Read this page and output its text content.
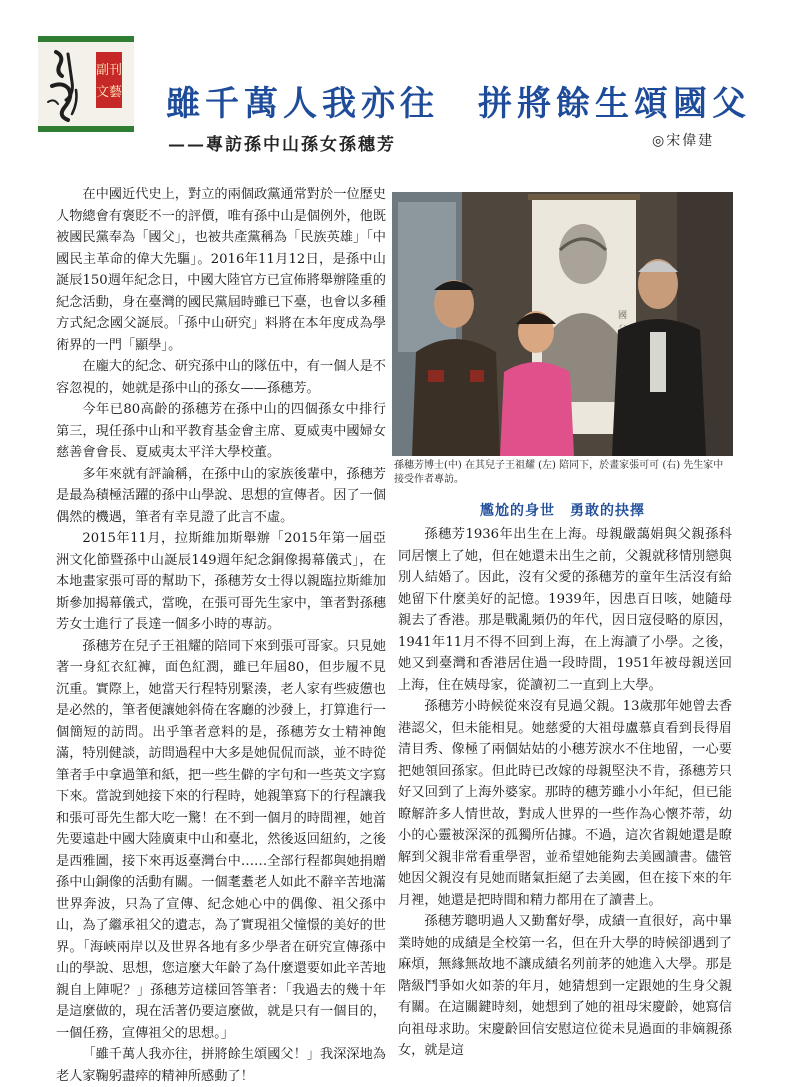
副刊
文藝 雖千萬人我亦往　拼將餘生頌國父
——專訪孫中山孫女孫穗芳	◎宋偉建

在中國近代史上，對立的兩個政黨通常對於一位歷史人物總會有褒貶不一的評價，唯有孫中山是個例外，他既被國民黨奉為「國父」，也被共產黨稱為「民族英雄」「中國民主革命的偉大先驅」。2016年11月12日，是孫中山誕辰150週年紀念日，中國大陸官方已宣佈將舉辦隆重的紀念活動，身在臺灣的國民黨屆時雖已下臺，也會以多種方式紀念國父誕辰。「孫中山研究」料將在本年度成為學術界的一門「顯學」。

在龐大的紀念、研究孫中山的隊伍中，有一個人是不容忽視的，她就是孫中山的孫女——孫穗芳。

今年已80高齡的孫穗芳在孫中山的四個孫女中排行第三，現任孫中山和平教育基金會主席、夏威夷中國婦女慈善會會長、夏威夷太平洋大學校董。

多年來就有評論稱，在孫中山的家族後輩中，孫穗芳是最為積極活躍的孫中山學說、思想的宣傳者。因了一個偶然的機遇，筆者有幸見證了此言不虛。

2015年11月，拉斯維加斯舉辦「2015年第一屆亞洲文化節暨孫中山誕辰149週年紀念銅像揭幕儀式」，在本地畫家張可哥的幫助下，孫穗芳女士得以親臨拉斯維加斯參加揭幕儀式，當晚，在張可哥先生家中，筆者對孫穗芳女士進行了長達一個多小時的專訪。

孫穗芳在兒子王祖耀的陪同下來到張可哥家。只見她著一身紅衣紅褲，面色紅潤，雖已年屆80，但步履不見沉重。實際上，她當天行程特別緊湊，老人家有些疲憊也是必然的，筆者便讓她斜倚在客廳的沙發上，打算進行一個簡短的訪問。出乎筆者意料的是，孫穗芳女士精神飽滿，特別健談，訪問過程中大多是她侃侃而談，並不時從筆者手中拿過筆和紙，把一些生僻的字句和一些英文字寫下來。當說到她接下來的行程時，她親筆寫下的行程讓我和張可哥先生都大吃一驚！在不到一個月的時間裡，她首先要遠赴中國大陸廣東中山和臺北，然後返回紐約，之後是西雅圖，接下來再返臺灣台中……全部行程都與她捐贈孫中山銅像的活動有關。一個耄耋老人如此不辭辛苦地滿世界奔波，只為了宣傳、紀念她心中的偶像、祖父孫中山，為了繼承祖父的遺志，為了實現祖父憧憬的美好的世界。「海峽兩岸以及世界各地有多少學者在研究宣傳孫中山的學說、思想，您這麼大年齡了為什麼還要如此辛苦地親自上陣呢？」孫穗芳這樣回答筆者：「我過去的幾十年是這麼做的，現在活著仍要這麼做，就是只有一個目的，一個任務，宣傳祖父的思想。」

「雖千萬人我亦往，拼將餘生頌國父！」我深深地為老人家鞠躬盡瘁的精神所感動了！

國
孫穗芳博士(中) 在其兒子王祖耀 (左) 陪同下，於畫家張可可 (右) 先生家中接受作者專訪。
尷尬的身世　勇敢的抉擇

孫穗芳1936年出生在上海。母親嚴藹娟與父親孫科同居懷上了她，但在她還未出生之前，父親就移情別戀與別人結婚了。因此，沒有父愛的孫穗芳的童年生活沒有給她留下什麼美好的記憶。1939年，因患百日咳，她隨母親去了香港。那是戰亂頻仍的年代，因日寇侵略的原因，1941年11月不得不回到上海，在上海讀了小學。之後，她又到臺灣和香港居住過一段時間，1951年被母親送回上海，住在姨母家，從讀初二一直到上大學。

孫穗芳小時候從來沒有見過父親。13歲那年她曾去香港認父，但未能相見。她慈愛的大祖母盧慕貞看到長得眉清目秀、像極了兩個姑姑的小穗芳淚水不住地留，一心要把她領回孫家。但此時已改嫁的母親堅決不肯，孫穗芳只好又回到了上海外婆家。那時的穗芳雖小小年紀，但已能瞭解許多人情世故，對成人世界的一些作為心懷芥蒂，幼小的心靈被深深的孤獨所佔據。不過，這次省親她還是瞭解到父親非常看重學習，並希望她能夠去美國讀書。儘管她因父親沒有見她而賭氣拒絕了去美國，但在接下來的年月裡，她還是把時間和精力都用在了讀書上。

孫穗芳聰明過人又勤奮好學，成績一直很好，高中畢業時她的成績是全校第一名，但在升大學的時候卻遇到了麻煩，無緣無故地不讓成績名列前茅的她進入大學。那是階級鬥爭如火如荼的年月，她猜想到一定跟她的生身父親有關。在這關鍵時刻，她想到了她的祖母宋慶齡，她寫信向祖母求助。宋慶齡回信安慰這位從未見過面的非嫡親孫女，就是這
